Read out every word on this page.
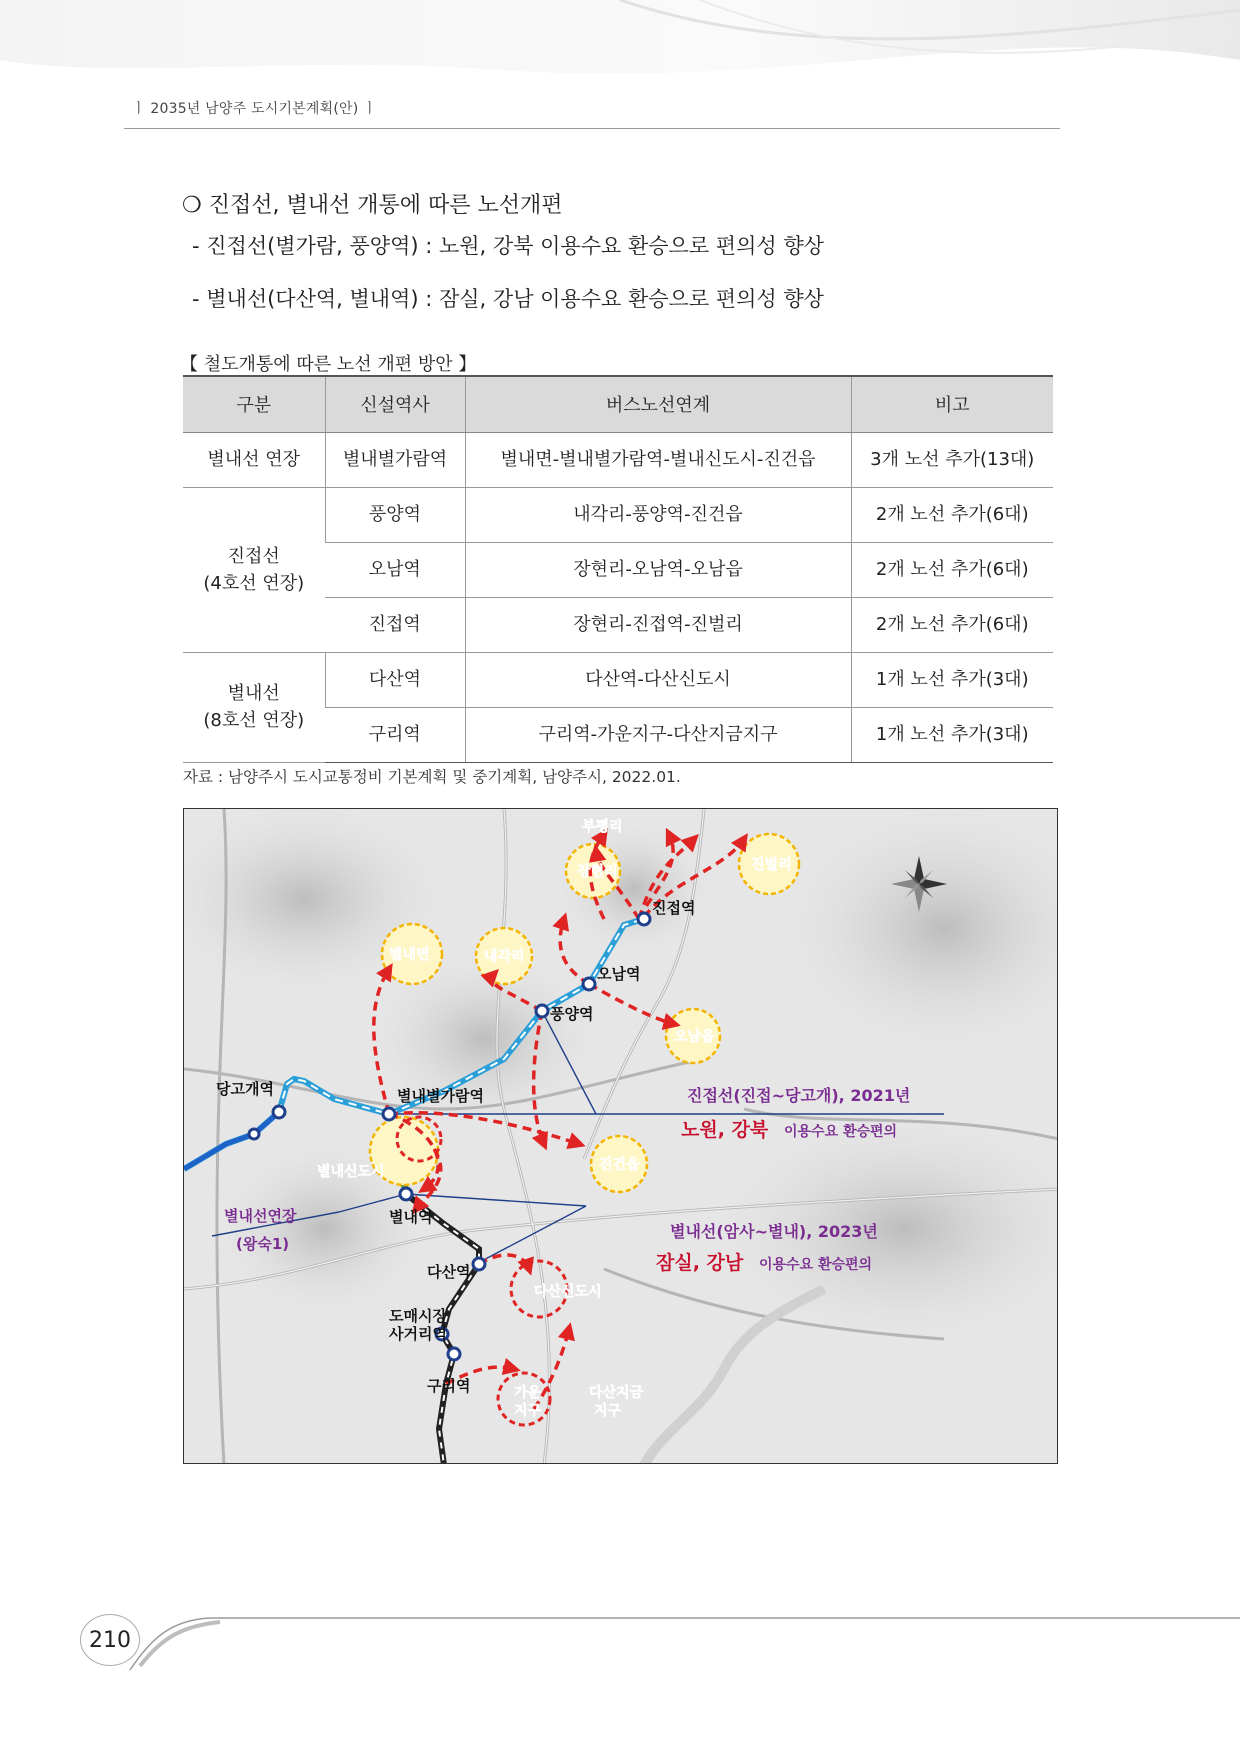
ㅣ 2035년 남양주 도시기본계획(안) ㅣ
❍ 진접선, 별내선 개통에 따른 노선개편
- 진접선(별가람, 풍양역) : 노원, 강북 이용수요 환승으로 편의성 향상
- 별내선(다산역, 별내역) : 잠실, 강남 이용수요 환승으로 편의성 향상
【 철도개통에 따른 노선 개편 방안 】
구분	신설역사	버스노선연계	비고
별내선 연장	별내별가람역	별내면-별내별가람역-별내신도시-진건읍	3개 노선 추가(13대)
진접선
(4호선 연장)	풍양역	내각리-풍양역-진건읍	2개 노선 추가(6대)
	오남역	장현리-오남역-오남읍	2개 노선 추가(6대)
	진접역	장현리-진접역-진벌리	2개 노선 추가(6대)
별내선
(8호선 연장)	다산역	다산역-다산신도시	1개 노선 추가(3대)
	구리역	구리역-가운지구-다산지금지구	1개 노선 추가(3대)
자료 : 남양주시 도시교통정비 기본계획 및 중기계획, 남양주시, 2022.01.
진접역
오남역
풍양역
별내별가람역
당고개역
별내역
다산역
도매시장
사거리역
구리역
부평리
장현리	진벌리
별내면	내각리
오남읍
진건읍
별내신도시
다산신도시
가운
지구
다산지금
지구
별내선연장
(왕숙1)
진접선(진접~당고개), 2021년
노원, 강북 이용수요 환승편의
별내선(암사~별내), 2023년
잠실, 강남 이용수요 환승편의
210
